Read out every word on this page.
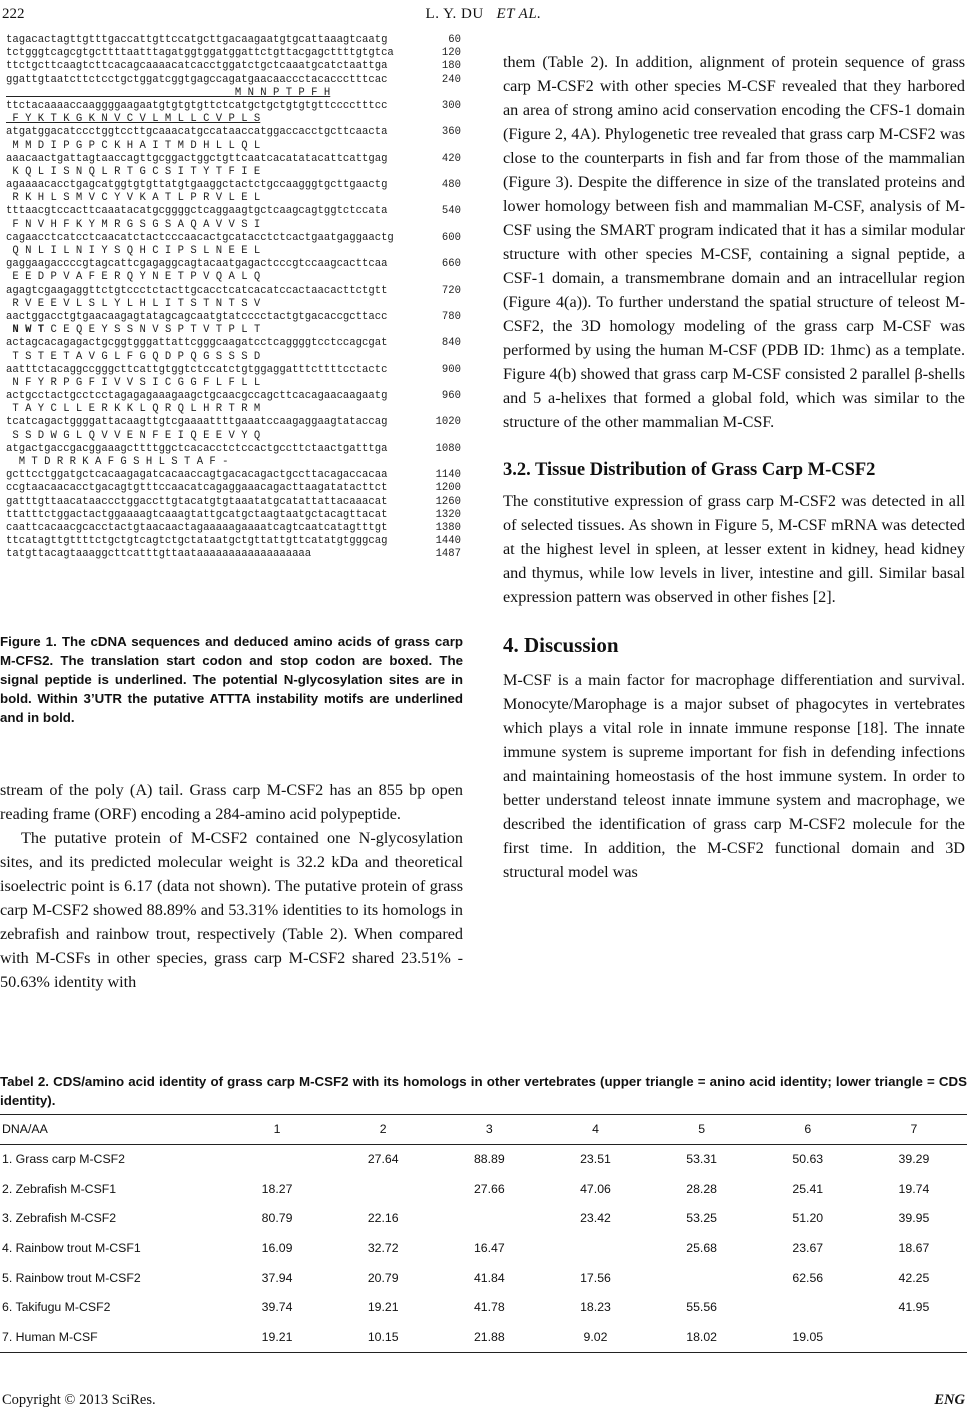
222	L. Y. DU ET AL.
tagacactagttgtttgaccattgttccatgcttgacaagaatgtgcattaaagtcaatg	60
tctgggtcagcgtgcttttaatttagatggtggatggattctgttacgagcttttgtgtca	120
ttctgcttcaagtcttcacagcaaaacatcacctggatctgctcaaatgcatctaattga	180
ggattgtaatcttctcctgctggatcggtgagccagatgaacaaccctacaccctttcac	240
M N N P T P F H
ttctacaaaaccaaggggaagaatgtgtgtgttctcatgctgctgtgtgttcccctttcc	300
F Y K T K G K N V C V L M L L C V P L S
atgatggacatccctggtccttgcaaacatgccataaccatggaccacctgcttcaacta	360
M M D I P G P C K H A I T M D H L L Q L
aaacaactgattagtaaccagttgcggactggctgttcaatcacatatacattcattgag	420
K Q L I S N Q L R T G C S I T Y T F I E
agaaaacacctgagcatggtgtgttatgtgaaggctactctgccaagggtgcttgaactg	480
R K H L S M V C Y V K A T L P R V L E L
tttaacgtccacttcaaatacatgcggggctcaggaagtgctcaagcagtggtctccata	540
F N V H F K Y M R G S G S A Q A V V S I
cagaacctcatcctcaacatctactcccaacactgcatacctctcactgaatgaggaactg	600
Q N L I L N I Y S Q H C I P S L N E E L
gaggaagaccccgtagcattcgagaggcagtacaatgagactcccgtccaagcacttcaa	660
E E D P V A F E R Q Y N E T P V Q A L Q
agagtcgaagaggttctgtccctctacttgcacctcatcacatccactaacacttctgtt	720
R V E E V L S L Y L H L I T S T N T S V
aactggacctgtgaacaagagtatagcagcaatgtatcccctactgtgacaccgcttacc	780
N W T C E Q E Y S S N V S P T V T P L T
actagcacagagactgcggtgggattattcgggcaagatcctcaggggtcctccagcgat	840
T S T E T A V G L F G Q D P Q G S S S D
aatttctacaggccgggcttcattgtggtctccatctgtggaggatttcttttcctactc	900
N F Y R P G F I V V S I C G G F L F L L
actgcctactgcctcctagagagaaagaagctgcaacgccagcttcacagaacaagaatg	960
T A Y C L L E R K K L Q R Q L H R T R M
tcatcagactggggattacaagttgtcgaaaattttgaaatccaagaggaagtataccag	1020
S S D W G L Q V V E N F E I Q E E V Y Q
atgactgaccgacggaaagcttttggctcacacctctccactgccttctaactgatttga	1080
M T D R R K A F G S H L S T A F -
gcttcctggatgctcacaagagatcacaaccagtgacacagactgccttacagaccacaa	1140
ccgtaacaacacctgacagtgtttccaacatcagaggaaacagacttaagatatacttct	1200
gatttgttaacataaccctggaccttgtacatgtgtaaatatgcatattattacaaacat	1260
ttatttctggactactggaaaagtcaaagtattgcatgctaagtaatgctacagttacat	1320
caattcacaacgcacctactgtaacaactagaaaaagaaaatcagtcaatcatagtttgt	1380
ttcatagttgttttctgctgtcagtctgctataatgctgttattgttcatatgtgggcag	1440
tatgttacagtaaaggcttcatttgttaataaaaaaaaaaaaaaaaaa	1487
Figure 1. The cDNA sequences and deduced amino acids of grass carp M-CFS2. The translation start codon and stop codon are boxed. The signal peptide is underlined. The potential N-glycosylation sites are in bold. Within 3’UTR the putative ATTTA instability motifs are underlined and in bold.

stream of the poly (A) tail. Grass carp M-CSF2 has an 855 bp open reading frame (ORF) encoding a 284-amino acid polypeptide.

The putative protein of M-CSF2 contained one N-glycosylation sites, and its predicted molecular weight is 32.2 kDa and theoretical isoelectric point is 6.17 (data not shown). The putative protein of grass carp M-CSF2 showed 88.89% and 53.31% identities to its homologs in zebrafish and rainbow trout, respectively (Table 2). When compared with M-CSFs in other species, grass carp M-CSF2 shared 23.51% - 50.63% identity with

them (Table 2). In addition, alignment of protein sequence of grass carp M-CSF2 with other species M-CSF revealed that they harbored an area of strong amino acid conservation encoding the CFS-1 domain (Figure 2, 4A). Phylogenetic tree revealed that grass carp M-CSF2 was close to the counterparts in fish and far from those of the mammalian (Figure 3). Despite the difference in size of the translated proteins and lower homology between fish and mammalian M-CSF, analysis of M-CSF using the SMART program indicated that it has a similar modular structure with other species M-CSF, containing a signal peptide, a CSF-1 domain, a transmembrane domain and an intracellular region (Figure 4(a)). To further understand the spatial structure of teleost M-CSF2, the 3D homology modeling of the grass carp M-CSF was performed by using the human M-CSF (PDB ID: 1hmc) as a template. Figure 4(b) showed that grass carp M-CSF consisted 2 parallel β-shells and 5 a-helixes that formed a global fold, which was similar to the structure of the other mammalian M-CSF.

3.2. Tissue Distribution of Grass Carp M-CSF2

The constitutive expression of grass carp M-CSF2 was detected in all of selected tissues. As shown in Figure 5, M-CSF mRNA was detected at the highest level in spleen, at lesser extent in kidney, head kidney and thymus, while low levels in liver, intestine and gill. Similar basal expression pattern was observed in other fishes [2].

4. Discussion

M-CSF is a main factor for macrophage differentiation and survival. Monocyte/Marophage is a major subset of phagocytes in vertebrates which plays a vital role in innate immune response [18]. The innate immune system is supreme important for fish in defending infections and maintaining homeostasis of the host immune system. In order to better understand teleost innate immune system and macrophage, we described the identification of grass carp M-CSF2 molecule for the first time. In addition, the M-CSF2 functional domain and 3D structural model was

Tabel 2. CDS/amino acid identity of grass carp M-CSF2 with its homologs in other vertebrates (upper triangle = anino acid identity; lower triangle = CDS identity).
DNA/AA	1	2	3	4	5	6	7
1. Grass carp M-CSF2		27.64	88.89	23.51	53.31	50.63	39.29
2. Zebrafish M-CSF1	18.27		27.66	47.06	28.28	25.41	19.74
3. Zebrafish M-CSF2	80.79	22.16		23.42	53.25	51.20	39.95
4. Rainbow trout M-CSF1	16.09	32.72	16.47		25.68	23.67	18.67
5. Rainbow trout M-CSF2	37.94	20.79	41.84	17.56		62.56	42.25
6. Takifugu M-CSF2	39.74	19.21	41.78	18.23	55.56		41.95
7. Human M-CSF	19.21	10.15	21.88	9.02	18.02	19.05	
Copyright © 2013 SciRes.	ENG
